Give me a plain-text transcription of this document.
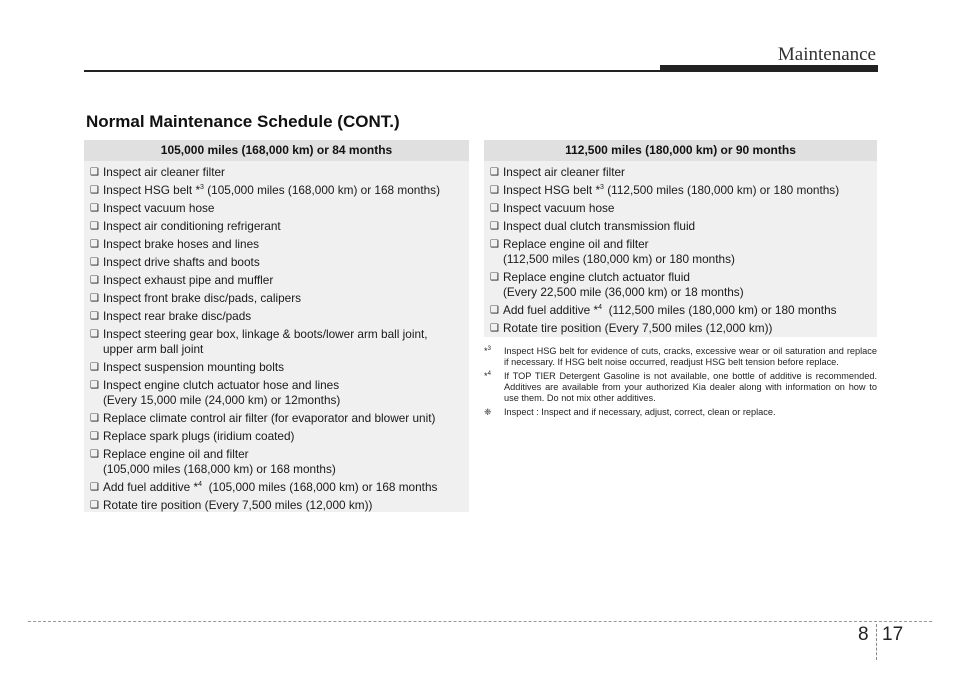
Maintenance
Normal Maintenance Schedule (CONT.)
105,000 miles (168,000 km) or 84 months
❑ Inspect air cleaner filter
❑ Inspect HSG belt *$^3$ (105,000 miles (168,000 km) or 168 months)
❑ Inspect vacuum hose
❑ Inspect air conditioning refrigerant
❑ Inspect brake hoses and lines
❑ Inspect drive shafts and boots
❑ Inspect exhaust pipe and muffler
❑ Inspect front brake disc/pads, calipers
❑ Inspect rear brake disc/pads
❑ Inspect steering gear box, linkage & boots/lower arm ball joint,
upper arm ball joint
❑ Inspect suspension mounting bolts
❑ Inspect engine clutch actuator hose and lines
(Every 15,000 mile (24,000 km) or 12months)
❑ Replace climate control air filter (for evaporator and blower unit)
❑ Replace spark plugs (iridium coated)
❑ Replace engine oil and filter
(105,000 miles (168,000 km) or 168 months)
❑ Add fuel additive *$^4$  (105,000 miles (168,000 km) or 168 months
❑ Rotate tire position (Every 7,500 miles (12,000 km))
112,500 miles (180,000 km) or 90 months
❑ Inspect air cleaner filter
❑ Inspect HSG belt *$^3$ (112,500 miles (180,000 km) or 180 months)
❑ Inspect vacuum hose
❑ Inspect dual clutch transmission fluid
❑ Replace engine oil and filter
(112,500 miles (180,000 km) or 180 months)
❑ Replace engine clutch actuator fluid
(Every 22,500 mile (36,000 km) or 18 months)
❑ Add fuel additive *$^4$  (112,500 miles (180,000 km) or 180 months
❑ Rotate tire position (Every 7,500 miles (12,000 km))
*$^3$	Inspect HSG belt for evidence of cuts, cracks, excessive wear or oil saturation and replace if necessary. If HSG belt noise occurred, readjust HSG belt tension before replace.
*$^4$	If TOP TIER Detergent Gasoline is not available, one bottle of additive is recommended. Additives are available from your authorized Kia dealer along with information on how to use them. Do not mix other additives.
❈	Inspect : Inspect and if necessary, adjust, correct, clean or replace.
8 17
